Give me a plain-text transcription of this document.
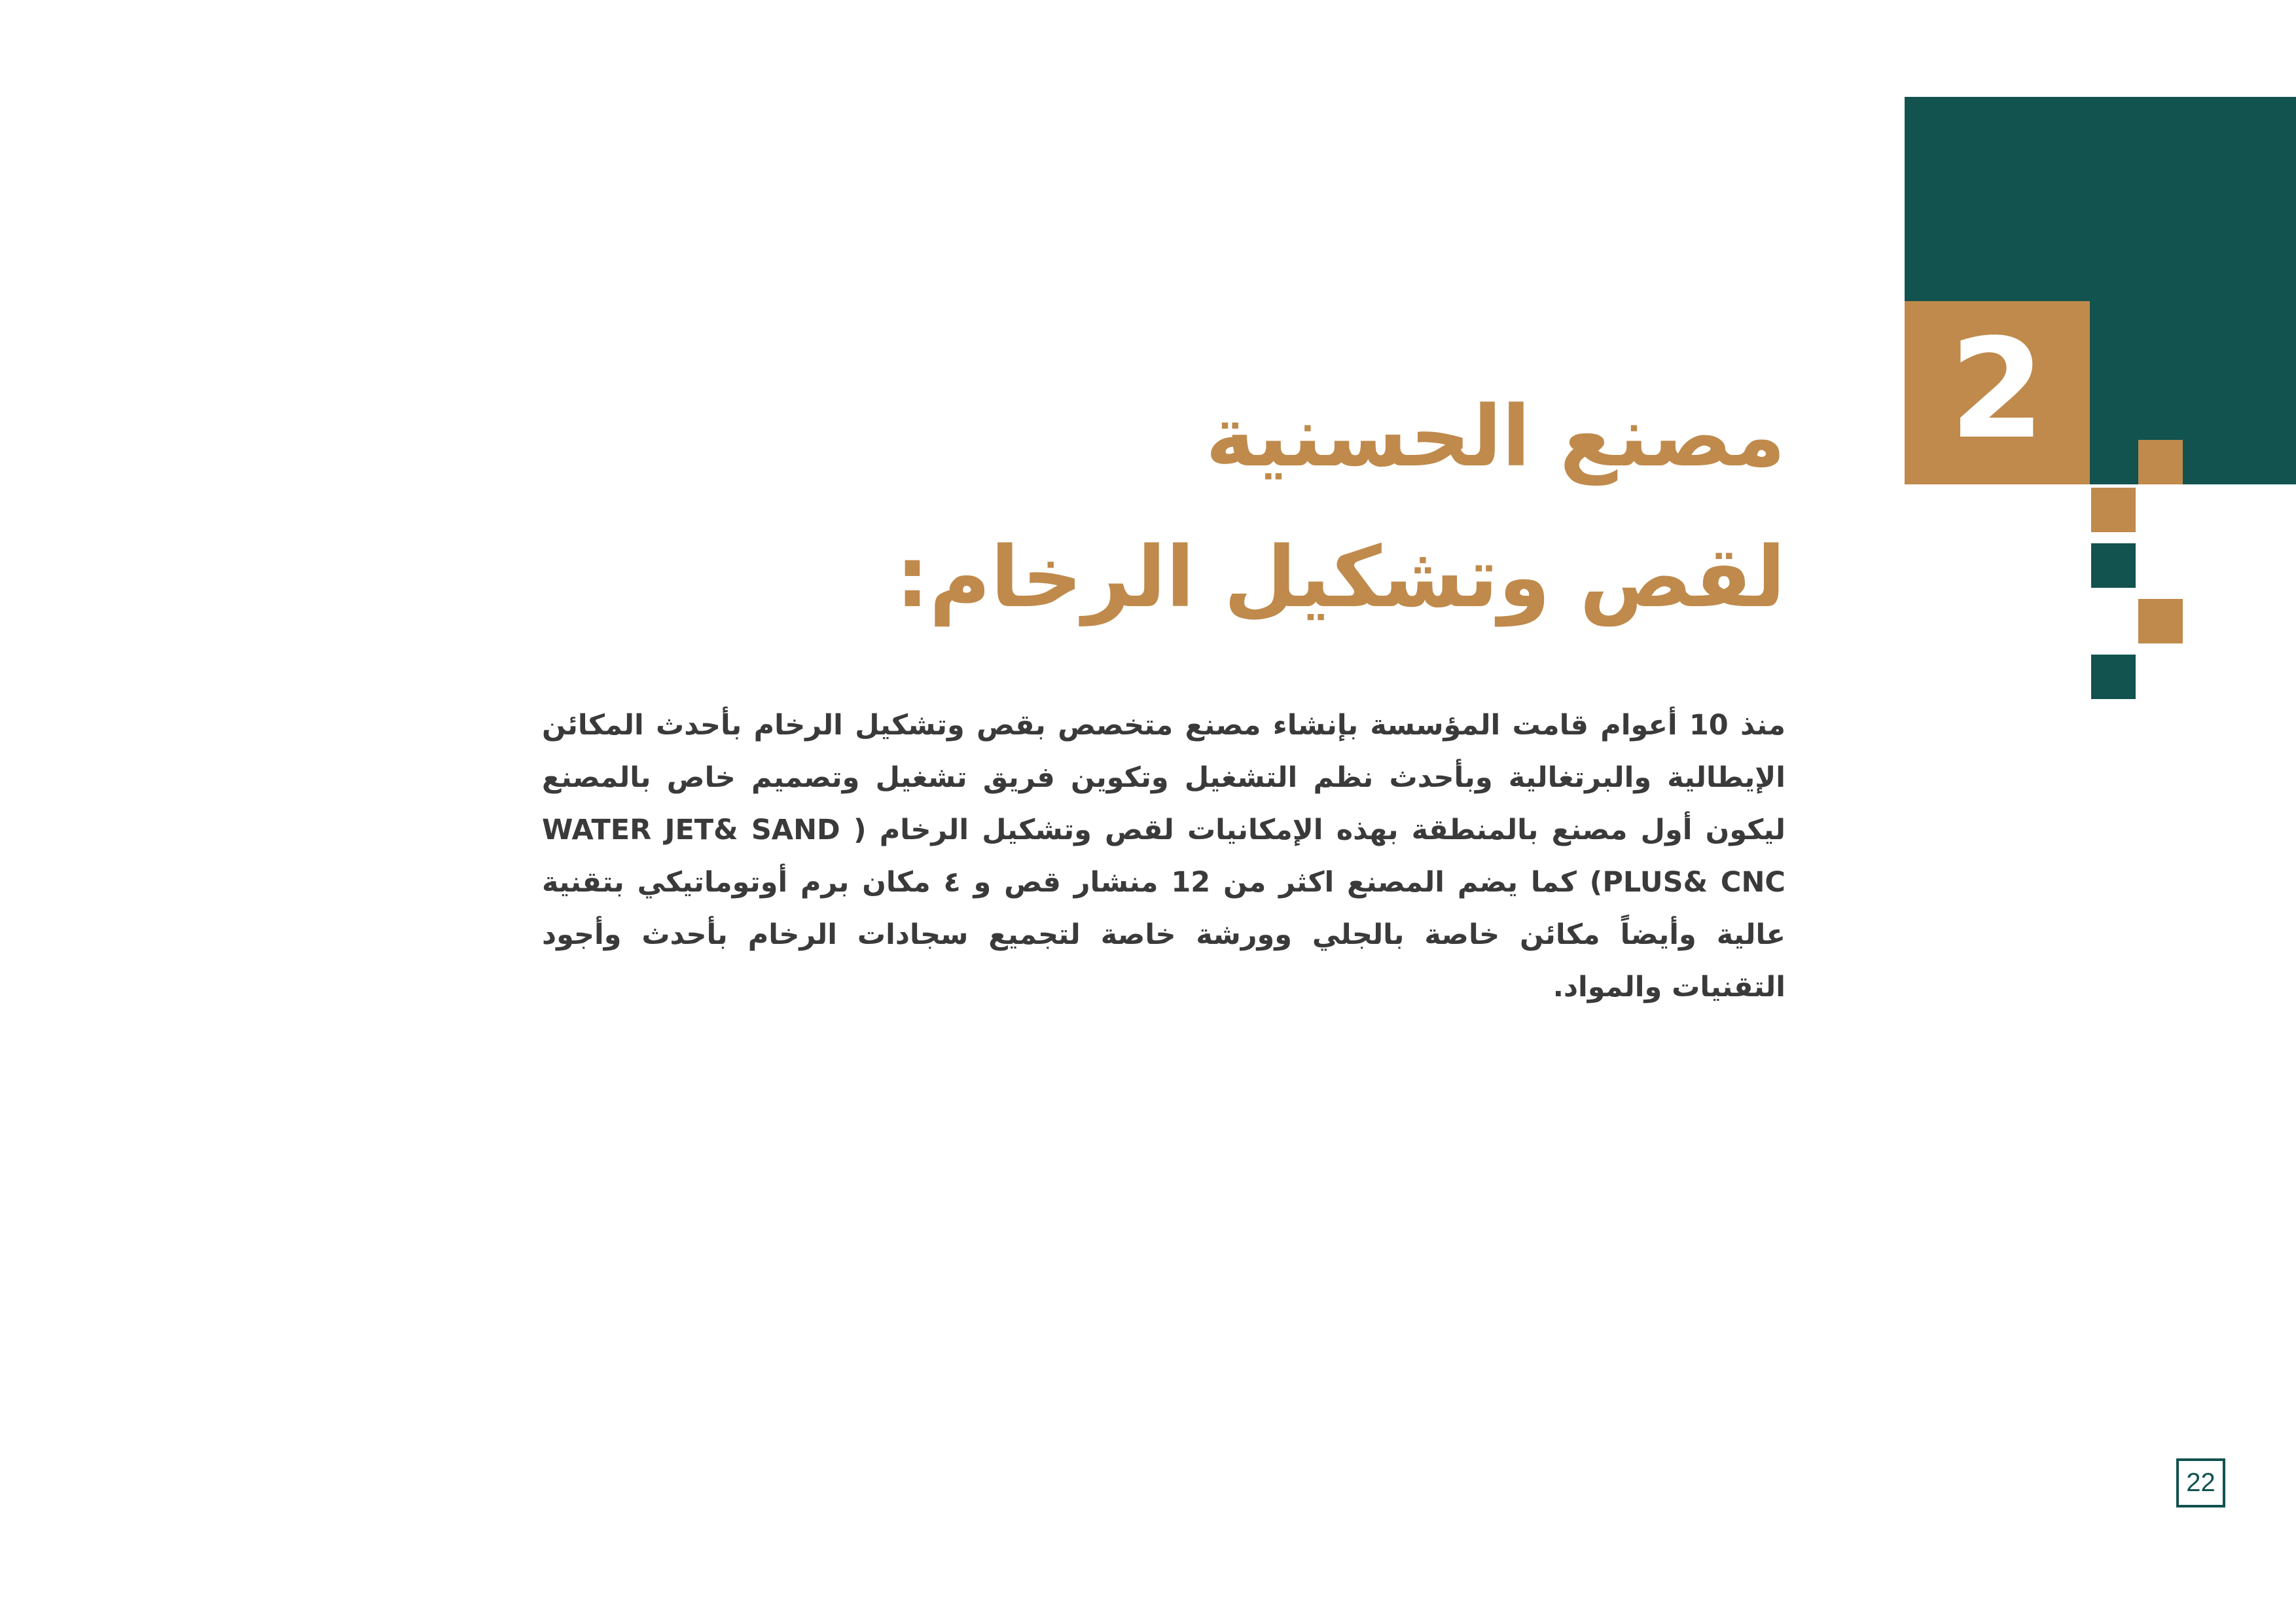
2
مصنع الحسنية
لقص وتشكيل الرخام:

منذ 10 أعوام قامت المؤسسة بإنشاء مصنع متخصص بقص وتشكيل الرخام بأحدث المكائن الإيطالية والبرتغالية وبأحدث نظم التشغيل وتكوين فريق تشغيل وتصميم خاص بالمصنع ليكون أول مصنع بالمنطقة بهذه الإمكانيات لقص وتشكيل الرخام ( WATER JET& SAND PLUS& CNC) كما يضم المصنع اكثر من 12 منشار قص و ٤ مكان برم أوتوماتيكي بتقنية عالية وأيضاً مكائن خاصة بالجلي وورشة خاصة لتجميع سجادات الرخام بأحدث وأجود التقنيات والمواد.

22
